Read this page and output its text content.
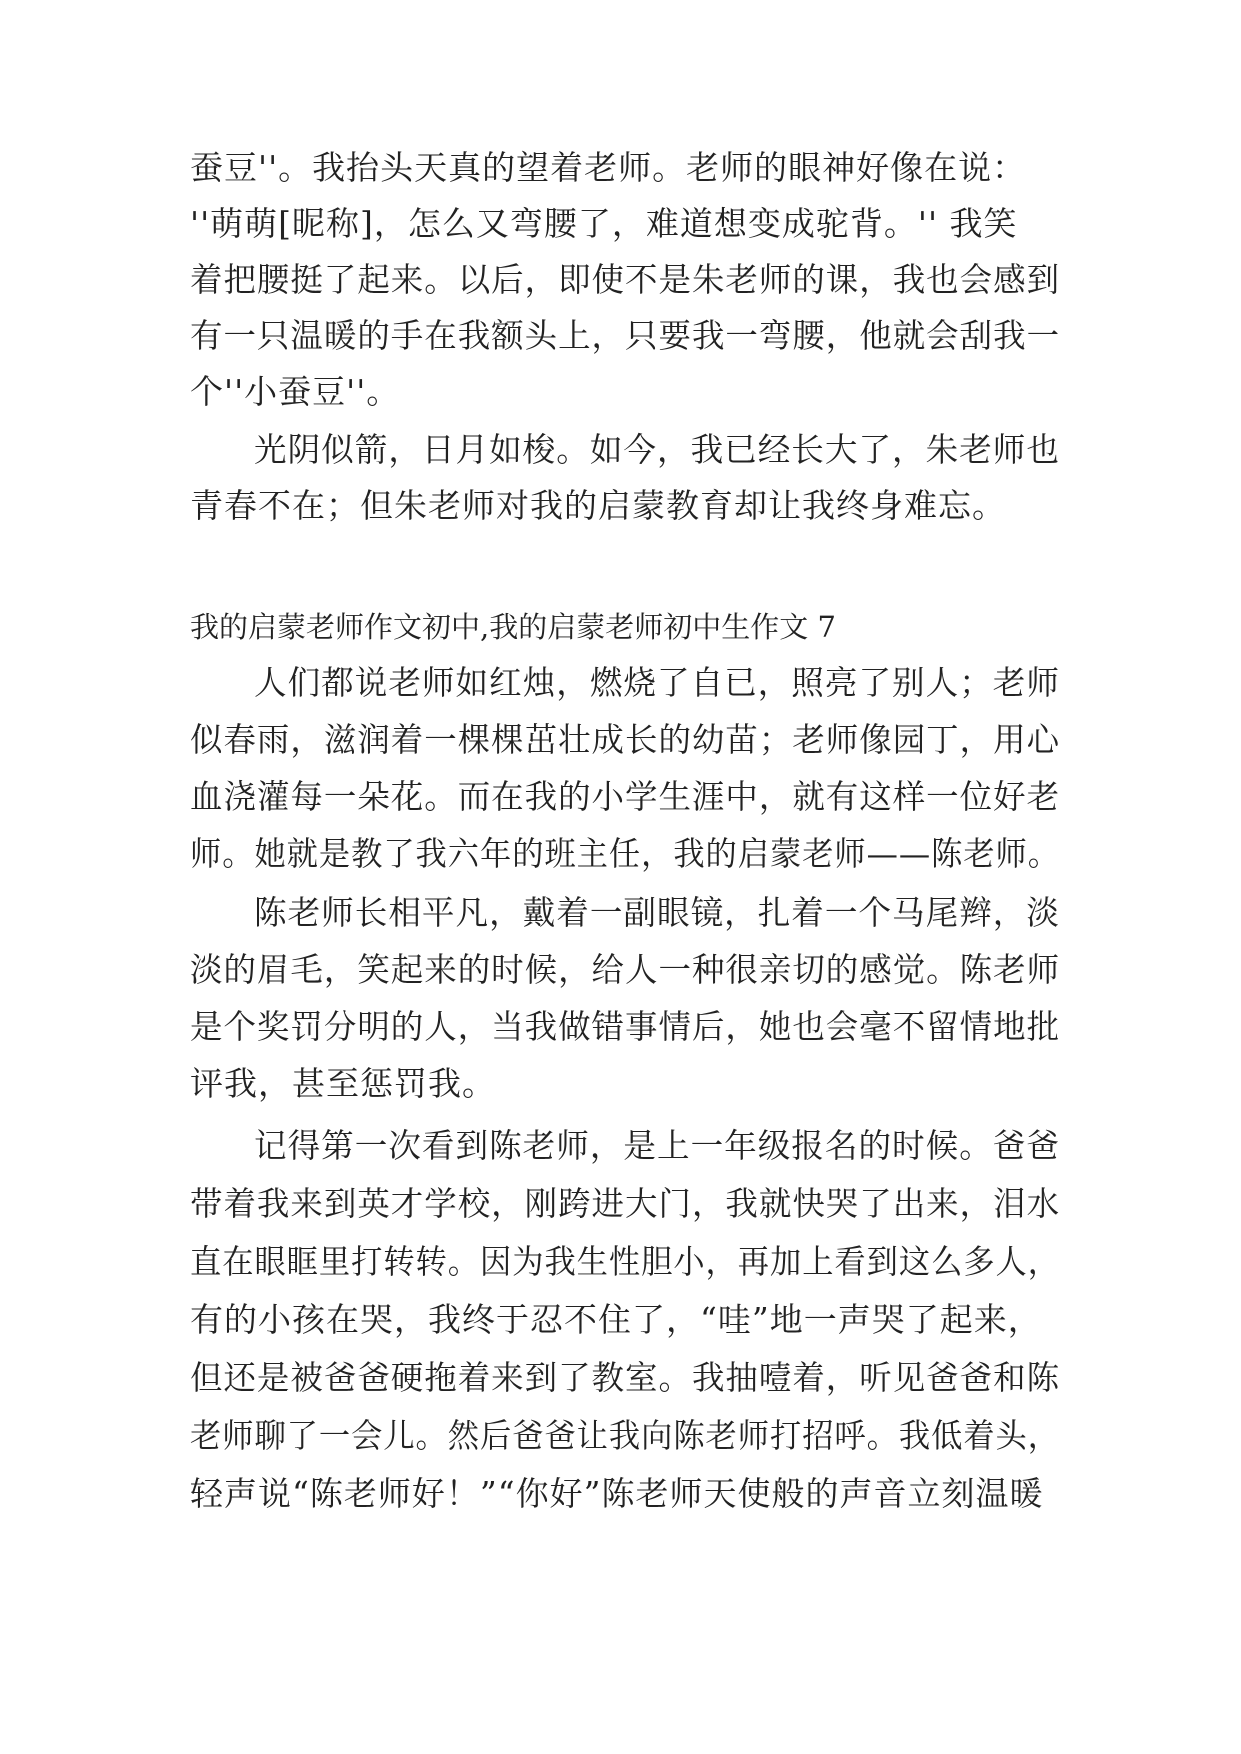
蚕豆''。我抬头天真的望着老师。老师的眼神好像在说：
''萌萌[昵称]，怎么又弯腰了，难道想变成驼背。'' 我笑
着把腰挺了起来。以后，即使不是朱老师的课，我也会感到
有一只温暖的手在我额头上，只要我一弯腰，他就会刮我一
个''小蚕豆''。
光阴似箭，日月如梭。如今，我已经长大了，朱老师也
青春不在；但朱老师对我的启蒙教育却让我终身难忘。
我的启蒙老师作文初中,我的启蒙老师初中生作文 7
人们都说老师如红烛，燃烧了自已，照亮了别人；老师
似春雨，滋润着一棵棵茁壮成长的幼苗；老师像园丁，用心
血浇灌每一朵花。而在我的小学生涯中，就有这样一位好老
师。她就是教了我六年的班主任，我的启蒙老师——陈老师。
陈老师长相平凡，戴着一副眼镜，扎着一个马尾辫，淡
淡的眉毛，笑起来的时候，给人一种很亲切的感觉。陈老师
是个奖罚分明的人，当我做错事情后，她也会毫不留情地批
评我，甚至惩罚我。
记得第一次看到陈老师，是上一年级报名的时候。爸爸
带着我来到英才学校，刚跨进大门，我就快哭了出来，泪水
直在眼眶里打转转。因为我生性胆小，再加上看到这么多人，
有的小孩在哭，我终于忍不住了，“哇”地一声哭了起来，
但还是被爸爸硬拖着来到了教室。我抽噎着，听见爸爸和陈
老师聊了一会儿。然后爸爸让我向陈老师打招呼。我低着头，
轻声说“陈老师好！”“你好”陈老师天使般的声音立刻温暖
